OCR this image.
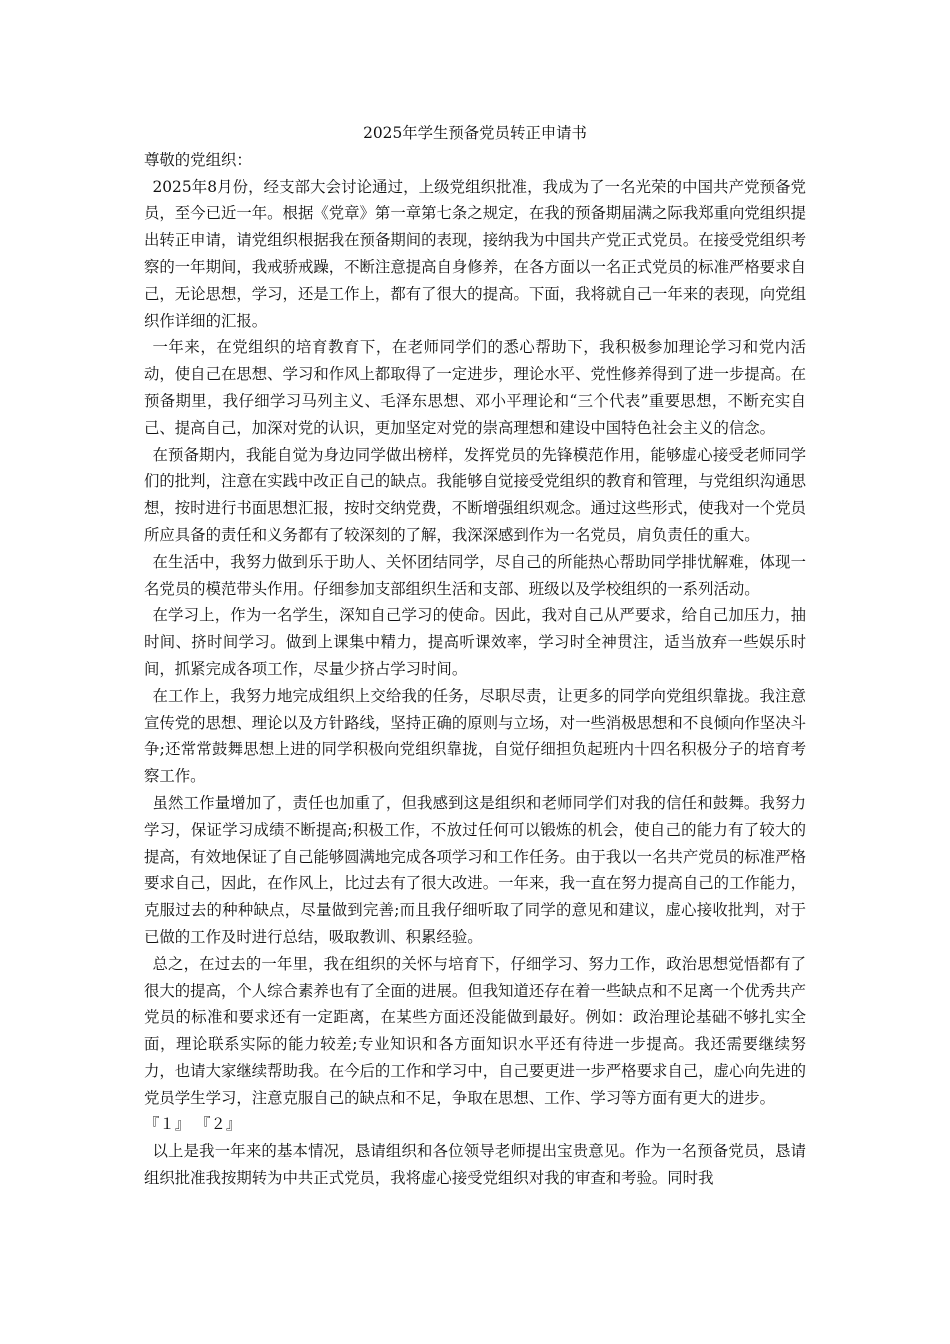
2025年学生预备党员转正申请书

尊敬的党组织：

2025年8月份，经支部大会讨论通过，上级党组织批准，我成为了一名光荣的中国共产党预备党员，至今已近一年。根据《党章》第一章第七条之规定，在我的预备期届满之际我郑重向党组织提出转正申请，请党组织根据我在预备期间的表现，接纳我为中国共产党正式党员。在接受党组织考察的一年期间，我戒骄戒躁，不断注意提高自身修养，在各方面以一名正式党员的标准严格要求自己，无论思想，学习，还是工作上，都有了很大的提高。下面，我将就自己一年来的表现，向党组织作详细的汇报。

一年来，在党组织的培育教育下，在老师同学们的悉心帮助下，我积极参加理论学习和党内活动，使自己在思想、学习和作风上都取得了一定进步，理论水平、党性修养得到了进一步提高。在预备期里，我仔细学习马列主义、毛泽东思想、邓小平理论和“三个代表”重要思想，不断充实自己、提高自己，加深对党的认识，更加坚定对党的崇高理想和建设中国特色社会主义的信念。

在预备期内，我能自觉为身边同学做出榜样，发挥党员的先锋模范作用，能够虚心接受老师同学们的批判，注意在实践中改正自己的缺点。我能够自觉接受党组织的教育和管理，与党组织沟通思想，按时进行书面思想汇报，按时交纳党费，不断增强组织观念。通过这些形式，使我对一个党员所应具备的责任和义务都有了较深刻的了解，我深深感到作为一名党员，肩负责任的重大。

在生活中，我努力做到乐于助人、关怀团结同学，尽自己的所能热心帮助同学排忧解难，体现一名党员的模范带头作用。仔细参加支部组织生活和支部、班级以及学校组织的一系列活动。

在学习上，作为一名学生，深知自己学习的使命。因此，我对自己从严要求，给自己加压力，抽时间、挤时间学习。做到上课集中精力，提高听课效率，学习时全神贯注，适当放弃一些娱乐时间，抓紧完成各项工作，尽量少挤占学习时间。

在工作上，我努力地完成组织上交给我的任务，尽职尽责，让更多的同学向党组织靠拢。我注意宣传党的思想、理论以及方针路线，坚持正确的原则与立场，对一些消极思想和不良倾向作坚决斗争;还常常鼓舞思想上进的同学积极向党组织靠拢，自觉仔细担负起班内十四名积极分子的培育考察工作。

虽然工作量增加了，责任也加重了，但我感到这是组织和老师同学们对我的信任和鼓舞。我努力学习，保证学习成绩不断提高;积极工作，不放过任何可以锻炼的机会，使自己的能力有了较大的提高，有效地保证了自己能够圆满地完成各项学习和工作任务。由于我以一名共产党员的标准严格要求自己，因此，在作风上，比过去有了很大改进。一年来，我一直在努力提高自己的工作能力，克服过去的种种缺点，尽量做到完善;而且我仔细听取了同学的意见和建议，虚心接收批判，对于已做的工作及时进行总结，吸取教训、积累经验。

总之，在过去的一年里，我在组织的关怀与培育下，仔细学习、努力工作，政治思想觉悟都有了很大的提高，个人综合素养也有了全面的进展。但我知道还存在着一些缺点和不足离一个优秀共产党员的标准和要求还有一定距离，在某些方面还没能做到最好。例如：政治理论基础不够扎实全面，理论联系实际的能力较差;专业知识和各方面知识水平还有待进一步提高。我还需要继续努力，也请大家继续帮助我。在今后的工作和学习中，自己要更进一步严格要求自己，虚心向先进的党员学生学习，注意克服自己的缺点和不足，争取在思想、工作、学习等方面有更大的进步。

『１』 『２』

以上是我一年来的基本情况，恳请组织和各位领导老师提出宝贵意见。作为一名预备党员，恳请组织批准我按期转为中共正式党员，我将虚心接受党组织对我的审查和考验。同时我
